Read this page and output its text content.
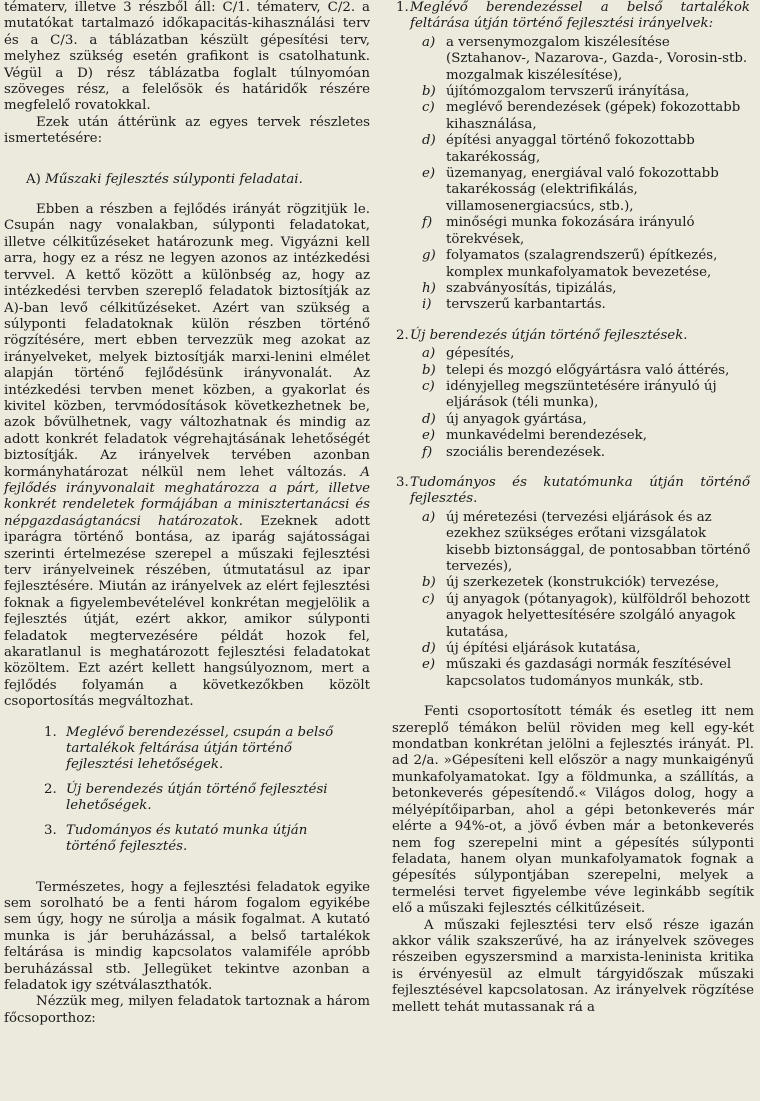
tématerv, illetve 3 részből áll: C/1. tématerv, C/2. a mutatókat tartalmazó időkapacitás-kihasználási terv és a C/3. a táblázatban készült gépesítési terv, melyhez szükség esetén grafikont is csatolhatunk. Végül a D) rész táblázatba foglalt túlnyomóan szöveges rész, a felelősök és határidők részére megfelelő rovatokkal.

Ezek után áttérünk az egyes tervek részletes ismertetésére:

A) Műszaki fejlesztés súlyponti feladatai.

Ebben a részben a fejlődés irányát rögzitjük le. Csupán nagy vonalakban, súlyponti feladatokat, illetve célkitűzéseket határozunk meg. Vigyázni kell arra, hogy ez a rész ne legyen azonos az intézkedési tervvel. A kettő között a különbség az, hogy az intézkedési tervben szereplő feladatok biztosítják az A)-ban levő célkitűzéseket. Azért van szükség a súlyponti feladatoknak külön részben történő rögzítésére, mert ebben tervezzük meg azokat az irányelveket, melyek biztosítják marxi-lenini elmélet alapján történő fejlődésünk irányvonalát. Az intézkedési tervben menet közben, a gyakorlat és kivitel közben, tervmódosítások következhetnek be, azok bővülhetnek, vagy változhatnak és mindig az adott konkrét feladatok végrehajtásának lehetőségét biztosítják. Az irányelvek tervében azonban kormányhatározat nélkül nem lehet változás. A fejlődés irányvonalait meghatározza a párt, illetve konkrét rendeletek formájában a minisztertanácsi és népgazdaságtanácsi határozatok. Ezeknek adott iparágra történő bontása, az iparág sajátosságai szerinti értelmezése szerepel a műszaki fejlesztési terv irányelveinek részében, útmutatásul az ipar fejlesztésére. Miután az irányelvek az elért fejlesztési foknak a figyelembevételével konkrétan megjelölik a fejlesztés útját, ezért akkor, amikor súlyponti feladatok megtervezésére példát hozok fel, akaratlanul is meghatározott fejlesztési feladatokat közöltem. Ezt azért kellett hangsúlyoznom, mert a fejlődés folyamán a következőkben közölt csoportosítás megváltozhat.

1. Meglévő berendezéssel, csupán a belső tartalékok feltárása útján történő fejlesztési lehetőségek.
2. Új berendezés útján történő fejlesztési lehetőségek.
3. Tudományos és kutató munka útján történő fejlesztés.

Természetes, hogy a fejlesztési feladatok egyike sem sorolható be a fenti három fogalom egyikébe sem úgy, hogy ne súrolja a másik fogalmat. A kutató munka is jár beruházással, a belső tartalékok feltárása is mindig kapcsolatos valamiféle apróbb beruházással stb. Jellegüket tekintve azonban a feladatok igy szétválaszthatók.

Nézzük meg, milyen feladatok tartoznak a három főcsoporthoz:

1. Meglévő berendezéssel a belső tartalékok feltárása útján történő fejlesztési irányelvek:

a) a versenymozgalom kiszélesítése (Sztahanov-, Nazarova-, Gazda-, Vorosin-stb. mozgalmak kiszélesítése),
b) újítómozgalom tervszerű irányítása,
c) meglévő berendezések (gépek) fokozottabb kihasználása,
d) építési anyaggal történő fokozottabb takarékosság,
e) üzemanyag, energiával való fokozottabb takarékosság (elektrifikálás, villamosenergiacsúcs, stb.),
f) minőségi munka fokozására irányuló törekvések,
g) folyamatos (szalagrendszerű) építkezés, komplex munkafolyamatok bevezetése,
h) szabványosítás, tipizálás,
i) tervszerű karbantartás.

2. Új berendezés útján történő fejlesztések.

a) gépesítés,
b) telepi és mozgó előgyártásra való áttérés,
c) idényjelleg megszüntetésére irányuló új eljárások (téli munka),
d) új anyagok gyártása,
e) munkavédelmi berendezések,
f) szociális berendezések.

3. Tudományos és kutatómunka útján történő fejlesztés.

a) új méretezési (tervezési eljárások és az ezekhez szükséges erőtani vizsgálatok kisebb biztonsággal, de pontosabban történő tervezés),
b) új szerkezetek (konstrukciók) tervezése,
c) új anyagok (pótanyagok), külföldről behozott anyagok helyettesítésére szolgáló anyagok kutatása,
d) új építési eljárások kutatása,
e) műszaki és gazdasági normák feszítésével kapcsolatos tudományos munkák, stb.

Fenti csoportosított témák és esetleg itt nem szereplő témákon belül röviden meg kell egy-két mondatban konkrétan jelölni a fejlesztés irányát. Pl. ad 2/a. »Gépesíteni kell először a nagy munkaigényű munkafolyamatokat. Igy a földmunka, a szállítás, a betonkeverés gépesítendő.« Világos dolog, hogy a mélyépítőiparban, ahol a gépi betonkeverés már elérte a 94%-ot, a jövő évben már a betonkeverés nem fog szerepelni mint a gépesítés súlyponti feladata, hanem olyan munkafolyamatok fognak a gépesítés súlypontjában szerepelni, melyek a termelési tervet figyelembe véve leginkább segítik elő a műszaki fejlesztés célkitűzéseit.

A műszaki fejlesztési terv első része igazán akkor válik szakszerűvé, ha az irányelvek szöveges részeiben egyszersmind a marxista-leninista kritika is érvényesül az elmult tárgyidőszak műszaki fejlesztésével kapcsolatosan. Az irányelvek rögzítése mellett tehát mutassanak rá a
